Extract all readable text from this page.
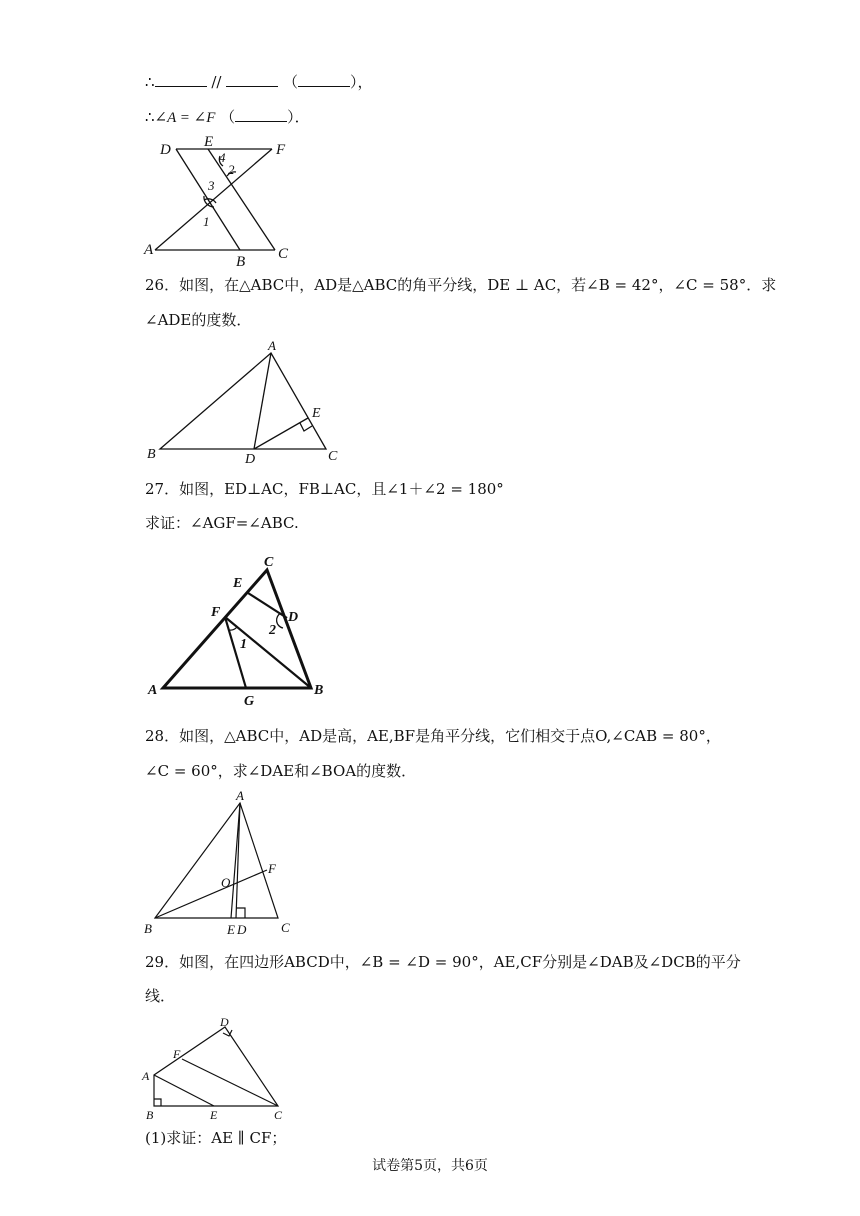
∴	//	（	），
∴∠A = ∠F （	）．
D E
4
2
F
3
1
A
B C
26．如图，在△ABC中，AD是△ABC的角平分线，DE ⊥ AC，若∠B = 42°，∠C = 58°．求
∠ADE的度数．
A
E
B	D	C
27．如图，ED⊥AC，FB⊥AC，且∠1＋∠2 = 180°
求证：∠AGF=∠ABC.
C
E
D
F
2
1
A
G
B
28．如图，△ABC中，AD是高，AE,BF是角平分线，它们相交于点O,∠CAB = 80°，
∠C = 60°，求∠DAE和∠BOA的度数．
A
F
O
B	E D	C
29．如图，在四边形ABCD中，∠B = ∠D = 90°，AE,CF分别是∠DAB及∠DCB的平分
线．
D
F
A
B	E	C
(1)求证：AE ∥ CF；
试卷第5页，共6页
